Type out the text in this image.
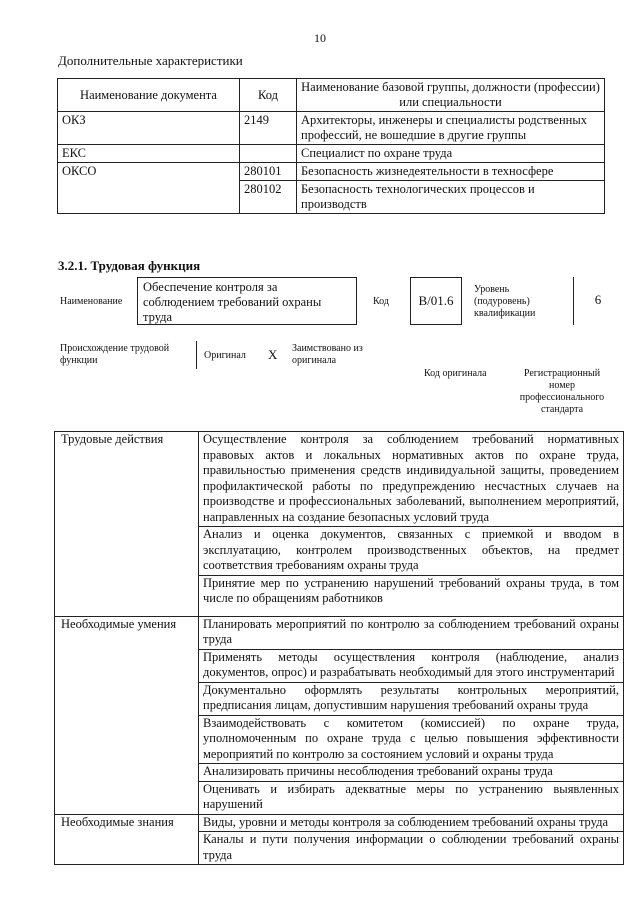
10
Дополнительные характеристики
Наименование документа	Код	Наименование базовой группы, должности (профессии) или специальности
ОКЗ	2149	Архитекторы, инженеры и специалисты родственных профессий, не вошедшие в другие группы
ЕКС		Специалист по охране труда
ОКСО	280101	Безопасность жизнедеятельности в техносфере
	280102	Безопасность технологических процессов и производств
3.2.1. Трудовая функция
Наименование
Обеспечение контроля за соблюдением требований охраны труда
Код	В/01.6
Уровень (подуровень) квалификации
6
Происхождение трудовой функции	Оригинал X Заимствовано из оригинала
Код оригинала	Регистрационный номер профессионального стандарта
Трудовые действия	Осуществление контроля за соблюдением требований нормативных правовых актов и локальных нормативных актов по охране труда, правильностью применения средств индивидуальной защиты, проведением профилактической работы по предупреждению несчастных случаев на производстве и профессиональных заболеваний, выполнением мероприятий, направленных на создание безопасных условий труда
	Анализ и оценка документов, связанных с приемкой и вводом в эксплуатацию, контролем производственных объектов, на предмет соответствия требованиям охраны труда
	Принятие мер по устранению нарушений требований охраны труда, в том числе по обращениям работников
Необходимые умения	Планировать мероприятий по контролю за соблюдением требований охраны труда
	Применять методы осуществления контроля (наблюдение, анализ документов, опрос) и разрабатывать необходимый для этого инструментарий
	Документально оформлять результаты контрольных мероприятий, предписания лицам, допустившим нарушения требований охраны труда
	Взаимодействовать с комитетом (комиссией) по охране труда, уполномоченным по охране труда с целью повышения эффективности мероприятий по контролю за состоянием условий и охраны труда
	Анализировать причины несоблюдения требований охраны труда
	Оценивать и избирать адекватные меры по устранению выявленных нарушений
Необходимые знания	Виды, уровни и методы контроля за соблюдением требований охраны труда
	Каналы и пути получения информации о соблюдении требований охраны труда
